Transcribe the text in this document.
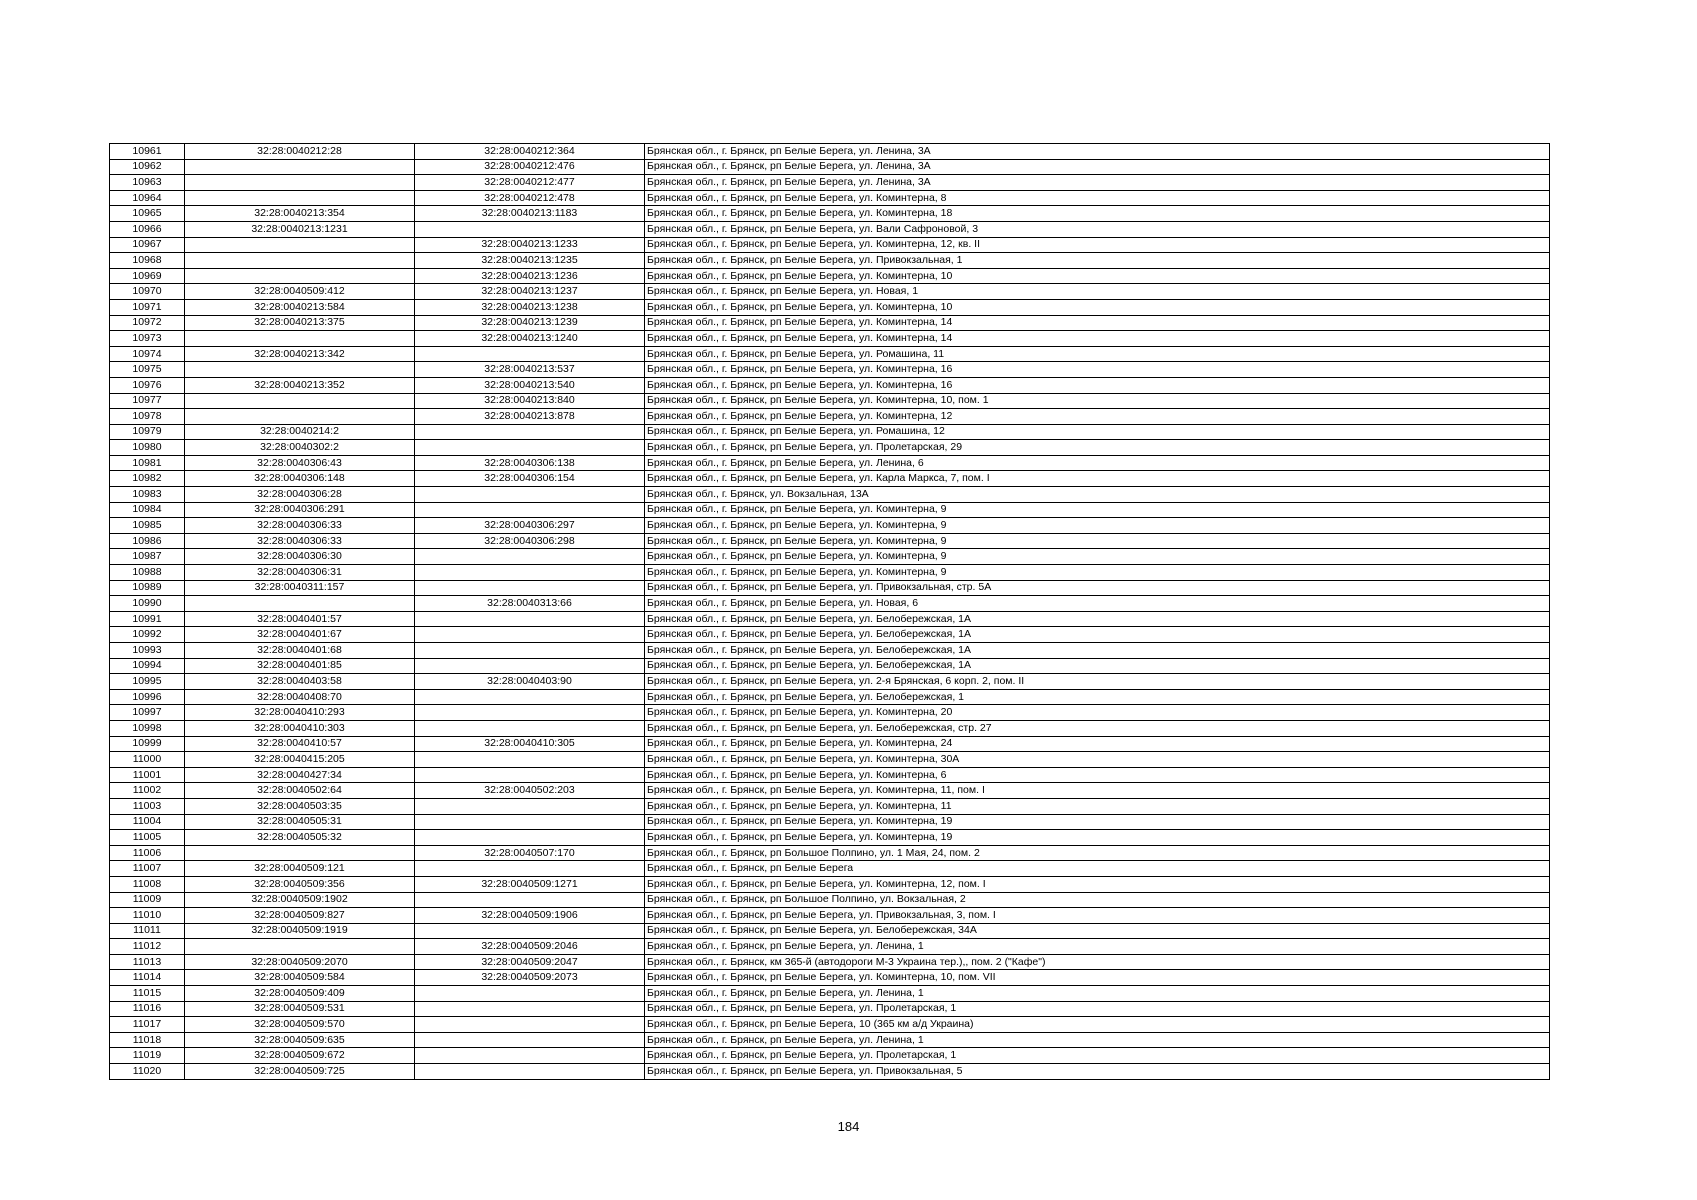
10961	32:28:0040212:28	32:28:0040212:364	Брянская обл., г. Брянск, рп Белые Берега, ул. Ленина, 3А
10962		32:28:0040212:476	Брянская обл., г. Брянск, рп Белые Берега, ул. Ленина, 3А
10963		32:28:0040212:477	Брянская обл., г. Брянск, рп Белые Берега, ул. Ленина, 3А
10964		32:28:0040212:478	Брянская обл., г. Брянск, рп Белые Берега, ул. Коминтерна, 8
10965	32:28:0040213:354	32:28:0040213:1183	Брянская обл., г. Брянск, рп Белые Берега, ул. Коминтерна, 18
10966	32:28:0040213:1231		Брянская обл., г. Брянск, рп Белые Берега, ул. Вали Сафроновой, 3
10967		32:28:0040213:1233	Брянская обл., г. Брянск, рп Белые Берега, ул. Коминтерна, 12, кв. II
10968		32:28:0040213:1235	Брянская обл., г. Брянск, рп Белые Берега, ул. Привокзальная, 1
10969		32:28:0040213:1236	Брянская обл., г. Брянск, рп Белые Берега, ул. Коминтерна, 10
10970	32:28:0040509:412	32:28:0040213:1237	Брянская обл., г. Брянск, рп Белые Берега, ул. Новая, 1
10971	32:28:0040213:584	32:28:0040213:1238	Брянская обл., г. Брянск, рп Белые Берега, ул. Коминтерна, 10
10972	32:28:0040213:375	32:28:0040213:1239	Брянская обл., г. Брянск, рп Белые Берега, ул. Коминтерна, 14
10973		32:28:0040213:1240	Брянская обл., г. Брянск, рп Белые Берега, ул. Коминтерна, 14
10974	32:28:0040213:342		Брянская обл., г. Брянск, рп Белые Берега, ул. Ромашина, 11
10975		32:28:0040213:537	Брянская обл., г. Брянск, рп Белые Берега, ул. Коминтерна, 16
10976	32:28:0040213:352	32:28:0040213:540	Брянская обл., г. Брянск, рп Белые Берега, ул. Коминтерна, 16
10977		32:28:0040213:840	Брянская обл., г. Брянск, рп Белые Берега, ул. Коминтерна, 10, пом. 1
10978		32:28:0040213:878	Брянская обл., г. Брянск, рп Белые Берега, ул. Коминтерна, 12
10979	32:28:0040214:2		Брянская обл., г. Брянск, рп Белые Берега, ул. Ромашина, 12
10980	32:28:0040302:2		Брянская обл., г. Брянск, рп Белые Берега, ул. Пролетарская, 29
10981	32:28:0040306:43	32:28:0040306:138	Брянская обл., г. Брянск, рп Белые Берега, ул. Ленина, 6
10982	32:28:0040306:148	32:28:0040306:154	Брянская обл., г. Брянск, рп Белые Берега, ул. Карла Маркса, 7, пом. I
10983	32:28:0040306:28		Брянская обл., г. Брянск, ул. Вокзальная, 13А
10984	32:28:0040306:291		Брянская обл., г. Брянск, рп Белые Берега, ул. Коминтерна, 9
10985	32:28:0040306:33	32:28:0040306:297	Брянская обл., г. Брянск, рп Белые Берега, ул. Коминтерна, 9
10986	32:28:0040306:33	32:28:0040306:298	Брянская обл., г. Брянск, рп Белые Берега, ул. Коминтерна, 9
10987	32:28:0040306:30		Брянская обл., г. Брянск, рп Белые Берега, ул. Коминтерна, 9
10988	32:28:0040306:31		Брянская обл., г. Брянск, рп Белые Берега, ул. Коминтерна, 9
10989	32:28:0040311:157		Брянская обл., г. Брянск, рп Белые Берега, ул. Привокзальная, стр. 5А
10990		32:28:0040313:66	Брянская обл., г. Брянск, рп Белые Берега, ул. Новая, 6
10991	32:28:0040401:57		Брянская обл., г. Брянск, рп Белые Берега, ул. Белобережская, 1А
10992	32:28:0040401:67		Брянская обл., г. Брянск, рп Белые Берега, ул. Белобережская, 1А
10993	32:28:0040401:68		Брянская обл., г. Брянск, рп Белые Берега, ул. Белобережская, 1А
10994	32:28:0040401:85		Брянская обл., г. Брянск, рп Белые Берега, ул. Белобережская, 1А
10995	32:28:0040403:58	32:28:0040403:90	Брянская обл., г. Брянск, рп Белые Берега, ул. 2-я Брянская, 6 корп. 2, пом. II
10996	32:28:0040408:70		Брянская обл., г. Брянск, рп Белые Берега, ул. Белобережская, 1
10997	32:28:0040410:293		Брянская обл., г. Брянск, рп Белые Берега, ул. Коминтерна, 20
10998	32:28:0040410:303		Брянская обл., г. Брянск, рп Белые Берега, ул. Белобережская, стр. 27
10999	32:28:0040410:57	32:28:0040410:305	Брянская обл., г. Брянск, рп Белые Берега, ул. Коминтерна, 24
11000	32:28:0040415:205		Брянская обл., г. Брянск, рп Белые Берега, ул. Коминтерна, 30А
11001	32:28:0040427:34		Брянская обл., г. Брянск, рп Белые Берега, ул. Коминтерна, 6
11002	32:28:0040502:64	32:28:0040502:203	Брянская обл., г. Брянск, рп Белые Берега, ул. Коминтерна, 11, пом. I
11003	32:28:0040503:35		Брянская обл., г. Брянск, рп Белые Берега, ул. Коминтерна, 11
11004	32:28:0040505:31		Брянская обл., г. Брянск, рп Белые Берега, ул. Коминтерна, 19
11005	32:28:0040505:32		Брянская обл., г. Брянск, рп Белые Берега, ул. Коминтерна, 19
11006		32:28:0040507:170	Брянская обл., г. Брянск, рп Большое Полпино, ул. 1 Мая, 24, пом. 2
11007	32:28:0040509:121		Брянская обл., г. Брянск, рп Белые Берега
11008	32:28:0040509:356	32:28:0040509:1271	Брянская обл., г. Брянск, рп Белые Берега, ул. Коминтерна, 12, пом. I
11009	32:28:0040509:1902		Брянская обл., г. Брянск, рп Большое Полпино, ул. Вокзальная, 2
11010	32:28:0040509:827	32:28:0040509:1906	Брянская обл., г. Брянск, рп Белые Берега, ул. Привокзальная, 3, пом. I
11011	32:28:0040509:1919		Брянская обл., г. Брянск, рп Белые Берега, ул. Белобережская, 34А
11012		32:28:0040509:2046	Брянская обл., г. Брянск, рп Белые Берега, ул. Ленина, 1
11013	32:28:0040509:2070	32:28:0040509:2047	Брянская обл., г. Брянск, км 365-й (автодороги М-3 Украина тер.),, пом. 2 ("Кафе")
11014	32:28:0040509:584	32:28:0040509:2073	Брянская обл., г. Брянск, рп Белые Берега, ул. Коминтерна, 10, пом. VII
11015	32:28:0040509:409		Брянская обл., г. Брянск, рп Белые Берега, ул. Ленина, 1
11016	32:28:0040509:531		Брянская обл., г. Брянск, рп Белые Берега, ул. Пролетарская, 1
11017	32:28:0040509:570		Брянская обл., г. Брянск, рп Белые Берега, 10 (365 км а/д Украина)
11018	32:28:0040509:635		Брянская обл., г. Брянск, рп Белые Берега, ул. Ленина, 1
11019	32:28:0040509:672		Брянская обл., г. Брянск, рп Белые Берега, ул. Пролетарская, 1
11020	32:28:0040509:725		Брянская обл., г. Брянск, рп Белые Берега, ул. Привокзальная, 5
184
